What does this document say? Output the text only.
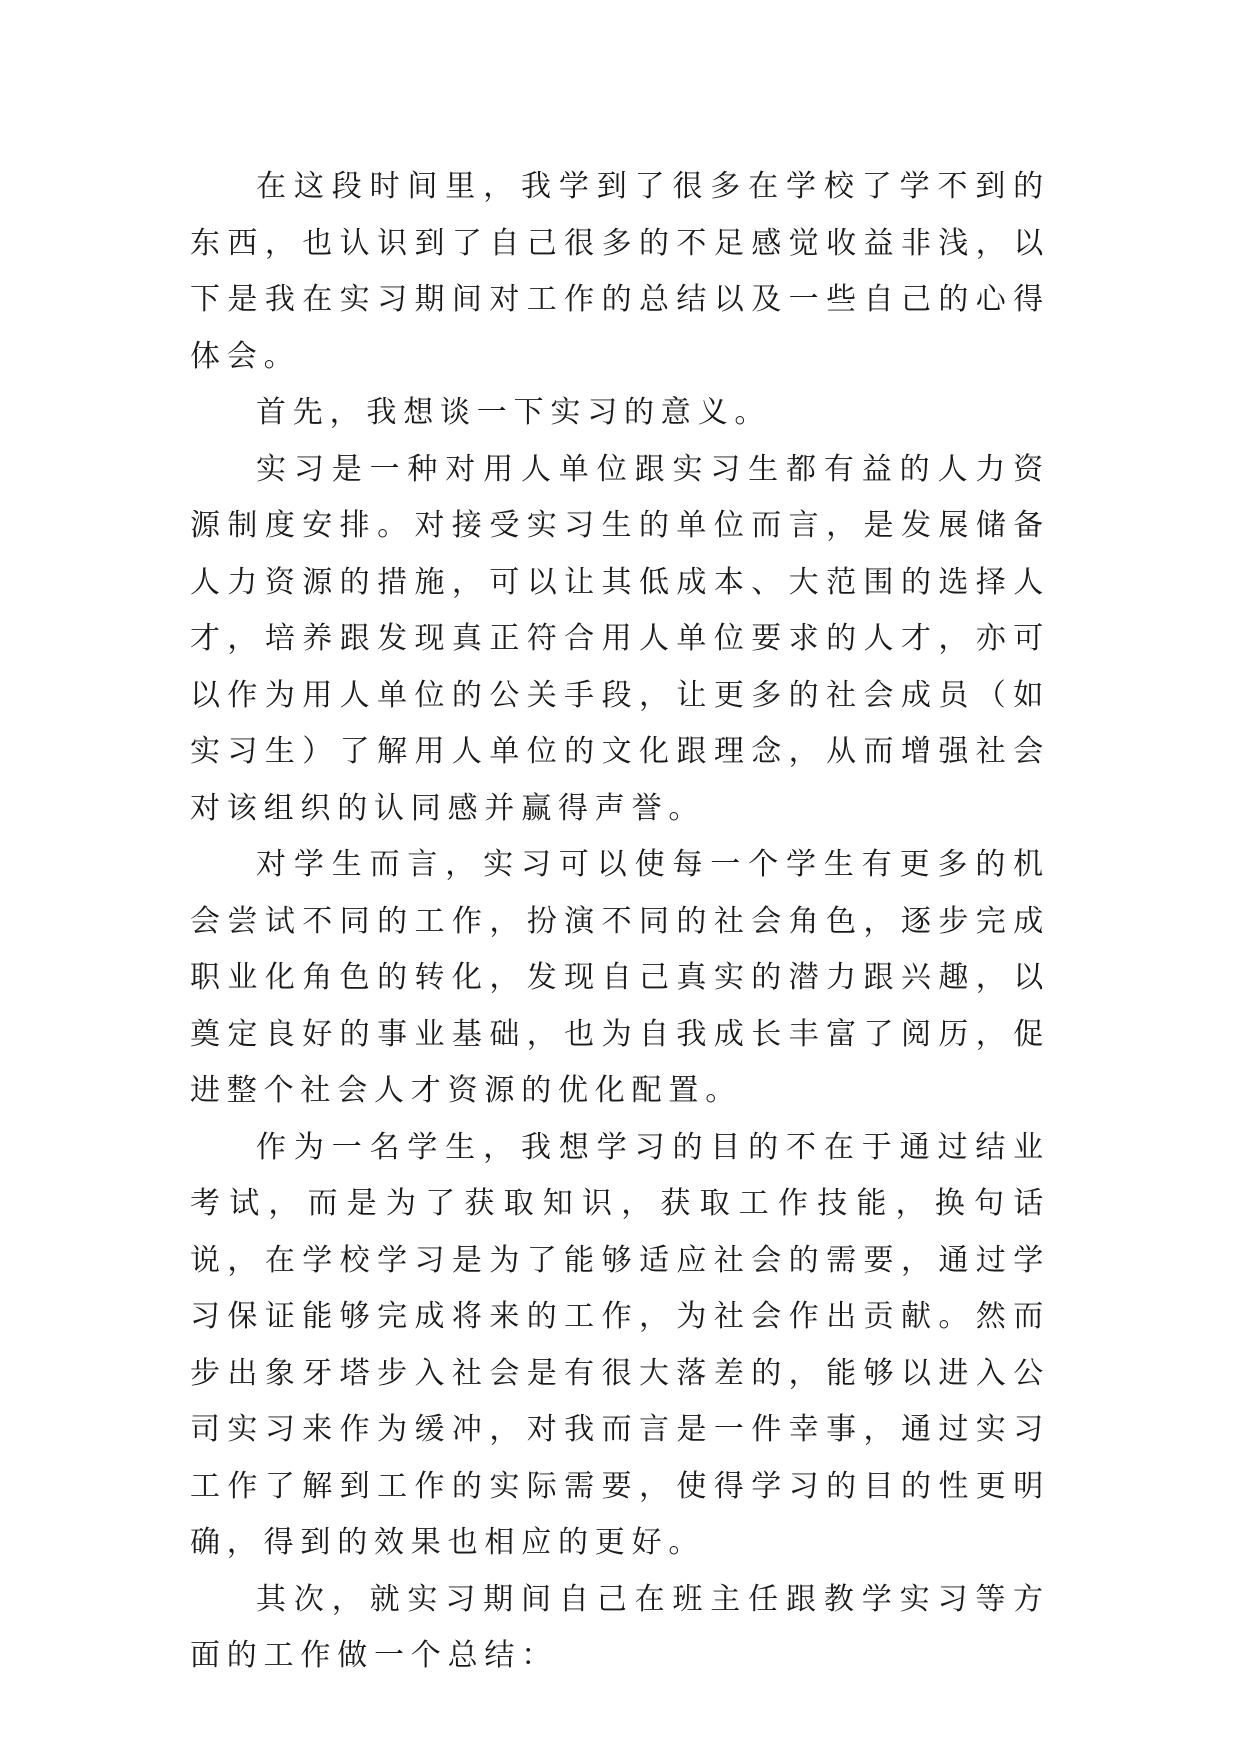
在这段时间里，我学到了很多在学校了学不到的东西，也认识到了自己很多的不足感觉收益非浅，以下是我在实习期间对工作的总结以及一些自己的心得体会。

首先，我想谈一下实习的意义。

实习是一种对用人单位跟实习生都有益的人力资源制度安排。对接受实习生的单位而言，是发展储备人力资源的措施，可以让其低成本、大范围的选择人才，培养跟发现真正符合用人单位要求的人才，亦可以作为用人单位的公关手段，让更多的社会成员（如实习生）了解用人单位的文化跟理念，从而增强社会对该组织的认同感并赢得声誉。

对学生而言，实习可以使每一个学生有更多的机会尝试不同的工作，扮演不同的社会角色，逐步完成职业化角色的转化，发现自己真实的潜力跟兴趣，以奠定良好的事业基础，也为自我成长丰富了阅历，促进整个社会人才资源的优化配置。

作为一名学生，我想学习的目的不在于通过结业考试，而是为了获取知识，获取工作技能，换句话说，在学校学习是为了能够适应社会的需要，通过学习保证能够完成将来的工作，为社会作出贡献。然而步出象牙塔步入社会是有很大落差的，能够以进入公司实习来作为缓冲，对我而言是一件幸事，通过实习工作了解到工作的实际需要，使得学习的目的性更明确，得到的效果也相应的更好。

其次，就实习期间自己在班主任跟教学实习等方面的工作做一个总结：
